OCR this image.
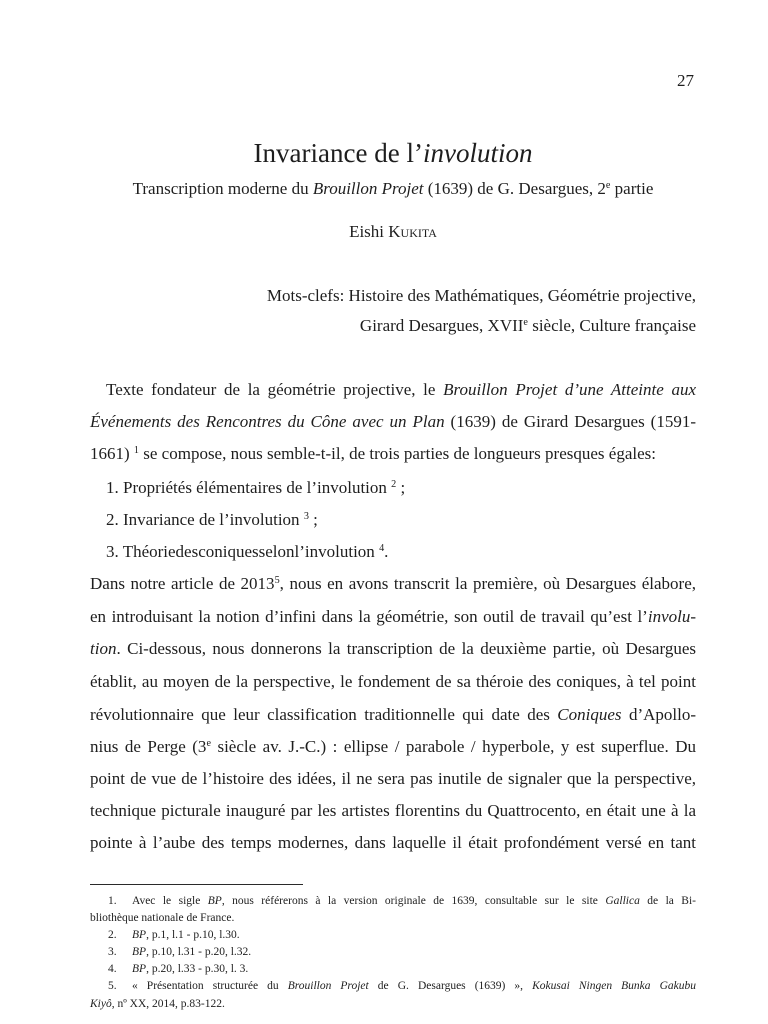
27
Invariance de l’involution
Transcription moderne du Brouillon Projet (1639) de G. Desargues, 2e partie
Eishi Kukita
Mots-clefs: Histoire des Mathématiques, Géométrie projective,
Girard Desargues, XVIIe siècle, Culture française
Texte fondateur de la géométrie projective, le Brouillon Projet d’une Atteinte aux
Événements des Rencontres du Cône avec un Plan (1639) de Girard Desargues (1591-
1661) $^1$ se compose, nous semble-t-il, de trois parties de longueurs presques égales:
1. Propriétés élémentaires de l’involution $^2$ ;
2. Invariance de l’involution $^3$ ;
3. Théoriedesconiquesselonl’involution $^4$.
Dans notre article de 2013$^5$, nous en avons transcrit la première, où Desargues élabore,
en introduisant la notion d’infini dans la géométrie, son outil de travail qu’est l’involu-
tion. Ci-dessous, nous donnerons la transcription de la deuxième partie, où Desargues
établit, au moyen de la perspective, le fondement de sa théroie des coniques, à tel point
révolutionnaire que leur classification traditionnelle qui date des Coniques d’Apollo-
nius de Perge (3e siècle av. J.-C.) : ellipse / parabole / hyperbole, y est superflue. Du
point de vue de l’histoire des idées, il ne sera pas inutile de signaler que la perspective,
technique picturale inauguré par les artistes florentins du Quattrocento, en était une à la
pointe à l’aube des temps modernes, dans laquelle il était profondément versé en tant
1.	Avec le sigle BP, nous référerons à la version originale de 1639, consultable sur le site Gallica de la Bi-
bliothèque nationale de France.
2.	BP, p.1, l.1 - p.10, l.30.
3.	BP, p.10, l.31 - p.20, l.32.
4.	BP, p.20, l.33 - p.30, l. 3.
5.	« Présentation structurée du Brouillon Projet de G. Desargues (1639) », Kokusai Ningen Bunka Gakubu
Kiyô, nº XX, 2014, p.83-122.
